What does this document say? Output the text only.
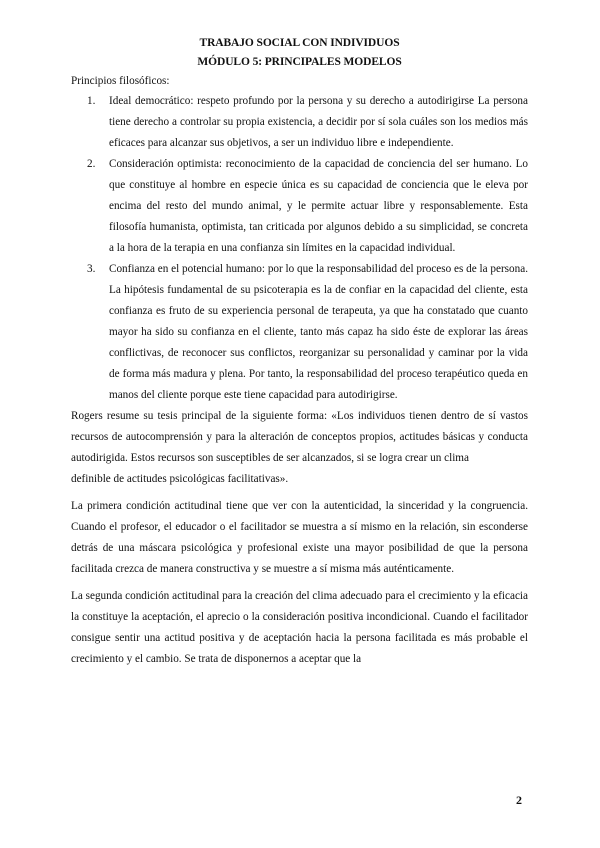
TRABAJO SOCIAL CON INDIVIDUOS

MÓDULO 5: PRINCIPALES MODELOS

Principios filosóficos:

1. Ideal democrático: respeto profundo por la persona y su derecho a autodirigirse La persona tiene derecho a controlar su propia existencia, a decidir por sí sola cuáles son los medios más eficaces para alcanzar sus objetivos, a ser un individuo libre e independiente.
2. Consideración optimista: reconocimiento de la capacidad de conciencia del ser humano. Lo que constituye al hombre en especie única es su capacidad de conciencia que le eleva por encima del resto del mundo animal, y le permite actuar libre y responsablemente. Esta filosofía humanista, optimista, tan criticada por algunos debido a su simplicidad, se concreta a la hora de la terapia en una confianza sin límites en la capacidad individual.
3. Confianza en el potencial humano: por lo que la responsabilidad del proceso es de la persona. La hipótesis fundamental de su psicoterapia es la de confiar en la capacidad del cliente, esta confianza es fruto de su experiencia personal de terapeuta, ya que ha constatado que cuanto mayor ha sido su confianza en el cliente, tanto más capaz ha sido éste de explorar las áreas conflictivas, de reconocer sus conflictos, reorganizar su personalidad y caminar por la vida de forma más madura y plena. Por tanto, la responsabilidad del proceso terapéutico queda en manos del cliente porque este tiene capacidad para autodirigirse.

Rogers resume su tesis principal de la siguiente forma: «Los individuos tienen dentro de sí vastos recursos de autocomprensión y para la alteración de conceptos propios, actitudes básicas y conducta autodirigida. Estos recursos son susceptibles de ser alcanzados, si se logra crear un clima

definible de actitudes psicológicas facilitativas».

La primera condición actitudinal tiene que ver con la autenticidad, la sinceridad y la congruencia. Cuando el profesor, el educador o el facilitador se muestra a sí mismo en la relación, sin esconderse detrás de una máscara psicológica y profesional existe una mayor posibilidad de que la persona facilitada crezca de manera constructiva y se muestre a sí misma más auténticamente.

La segunda condición actitudinal para la creación del clima adecuado para el crecimiento y la eficacia la constituye la aceptación, el aprecio o la consideración positiva incondicional. Cuando el facilitador consigue sentir una actitud positiva y de aceptación hacia la persona facilitada es más probable el crecimiento y el cambio. Se trata de disponernos a aceptar que la

2
